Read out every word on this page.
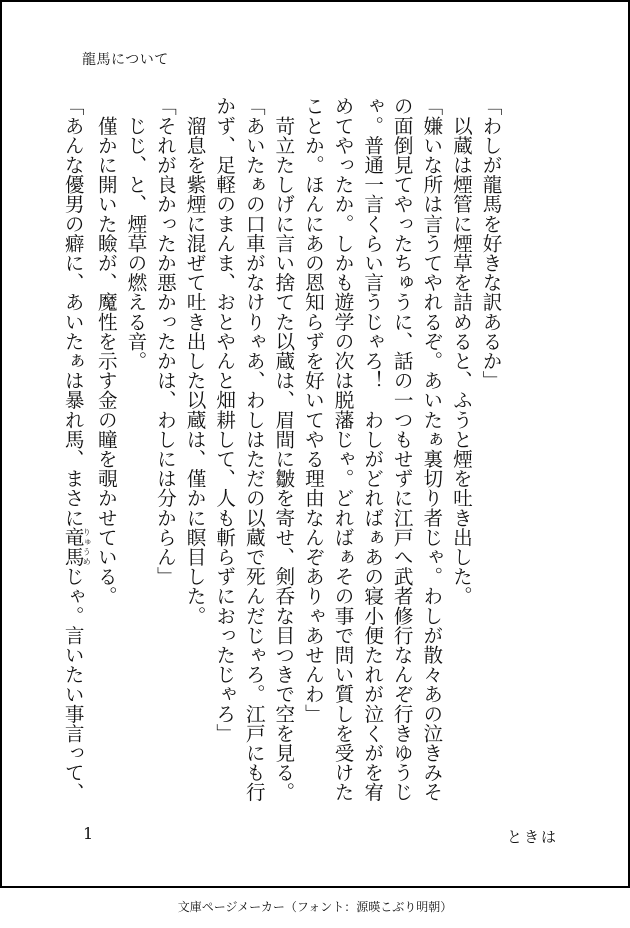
龍馬について
「わしが龍馬を好きな訳あるか」
　以蔵は煙管に煙草を詰めると、ふうと煙を吐き出した。
「嫌いな所は言うてやれるぞ。あいたぁ裏切り者じゃ。わしが散々あの泣きみそ
の面倒見てやったちゅうに、話の一つもせずに江戸へ武者修行なんぞ行きゆうじ
ゃ。普通一言くらい言うじゃろ！　わしがどればぁあの寝小便たれが泣くがを宥
めてやったか。しかも遊学の次は脱藩じゃ。どればぁその事で問い質しを受けた
ことか。ほんにあの恩知らずを好いてやる理由なんぞありゃあせんわ」
　苛立たしげに言い捨てた以蔵は、眉間に皺を寄せ、剣呑な目つきで空を見る。
「あいたぁの口車がなけりゃあ、わしはただの以蔵で死んだじゃろ。江戸にも行
かず、足軽のまんま、おとやんと畑耕して、人も斬らずにおったじゃろ」
　溜息を紫煙に混ぜて吐き出した以蔵は、僅かに瞑目した。
「それが良かったか悪かったかは、わしには分からん」
　じじ、と、煙草の燃える音。
　僅かに開いた瞼が、魔性を示す金の瞳を覗かせている。
「あんな優男の癖に、あいたぁは暴れ馬、まさに竜馬りゅうめじゃ。言いたい事言って、
1	ときは
文庫ページメーカー（フォント：源暎こぶり明朝）
